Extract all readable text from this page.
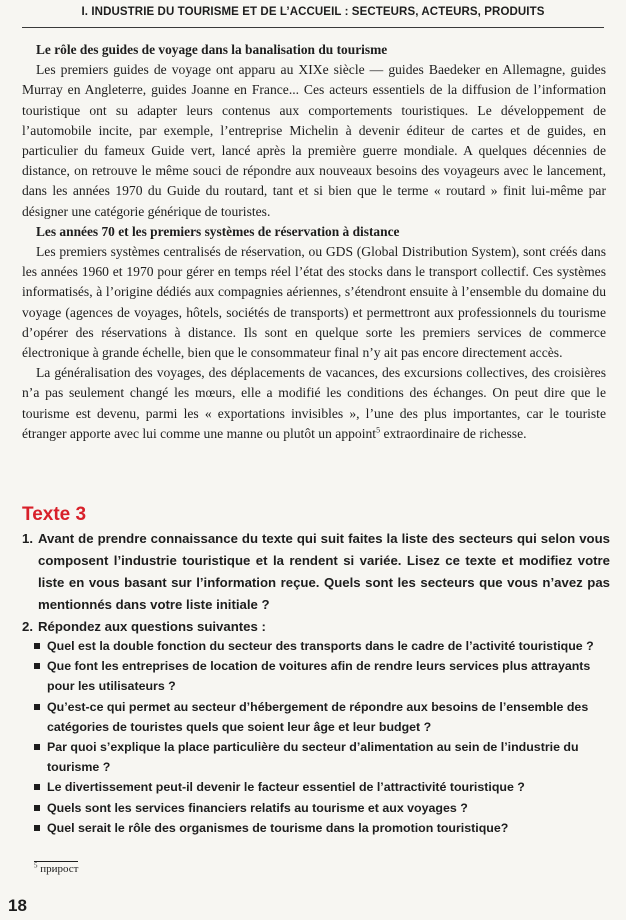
I. INDUSTRIE DU TOURISME ET DE L’ACCUEIL : SECTEURS, ACTEURS, PRODUITS
Le rôle des guides de voyage dans la banalisation du tourisme

Les premiers guides de voyage ont apparu au XIXe siècle — guides Baedeker en Allemagne, guides Murray en Angleterre, guides Joanne en France... Ces acteurs essentiels de la diffusion de l’information touristique ont su adapter leurs contenus aux comportements touristiques. Le développement de l’automobile incite, par exemple, l’entreprise Michelin à devenir éditeur de cartes et de guides, en particulier du fameux Guide vert, lancé après la première guerre mondiale. A quelques décennies de distance, on retrouve le même souci de répondre aux nouveaux besoins des voyageurs avec le lancement, dans les années 1970 du Guide du routard, tant et si bien que le terme « routard » finit lui-même par désigner une catégorie générique de touristes.

Les années 70 et les premiers systèmes de réservation à distance

Les premiers systèmes centralisés de réservation, ou GDS (Global Distribution System), sont créés dans les années 1960 et 1970 pour gérer en temps réel l’état des stocks dans le transport collectif. Ces systèmes informatisés, à l’origine dédiés aux compagnies aériennes, s’étendront ensuite à l’ensemble du domaine du voyage (agences de voyages, hôtels, sociétés de transports) et permettront aux professionnels du tourisme d’opérer des réservations à distance. Ils sont en quelque sorte les premiers services de commerce électronique à grande échelle, bien que le consommateur final n’y ait pas encore directement accès.

La généralisation des voyages, des déplacements de vacances, des excursions collectives, des croisières n’a pas seulement changé les mœurs, elle a modifié les conditions des échanges. On peut dire que le tourisme est devenu, parmi les « exportations invisibles », l’une des plus importantes, car le touriste étranger apporte avec lui comme une manne ou plutôt un appoint$^5$ extraordinaire de richesse.

Texte 3
1. Avant de prendre connaissance du texte qui suit faites la liste des secteurs qui selon vous composent l’industrie touristique et la rendent si variée. Lisez ce texte et modifiez votre liste en vous basant sur l’information reçue. Quels sont les secteurs que vous n’avez pas mentionnés dans votre liste initiale ?
2. Répondez aux questions suivantes :
Quel est la double fonction du secteur des transports dans le cadre de l’activité touristique ?
Que font les entreprises de location de voitures afin de rendre leurs services plus attrayants pour les utilisateurs ?
Qu’est-ce qui permet au secteur d’hébergement de répondre aux besoins de l’ensemble des catégories de touristes quels que soient leur âge et leur budget ?
Par quoi s’explique la place particulière du secteur d’alimentation au sein de l’industrie du tourisme ?
Le divertissement peut-il devenir le facteur essentiel de l’attractivité touristique ?
Quels sont les services financiers relatifs au tourisme et aux voyages ?
Quel serait le rôle des organismes de tourisme dans la promotion touristique?
$^5$ прирост
18
